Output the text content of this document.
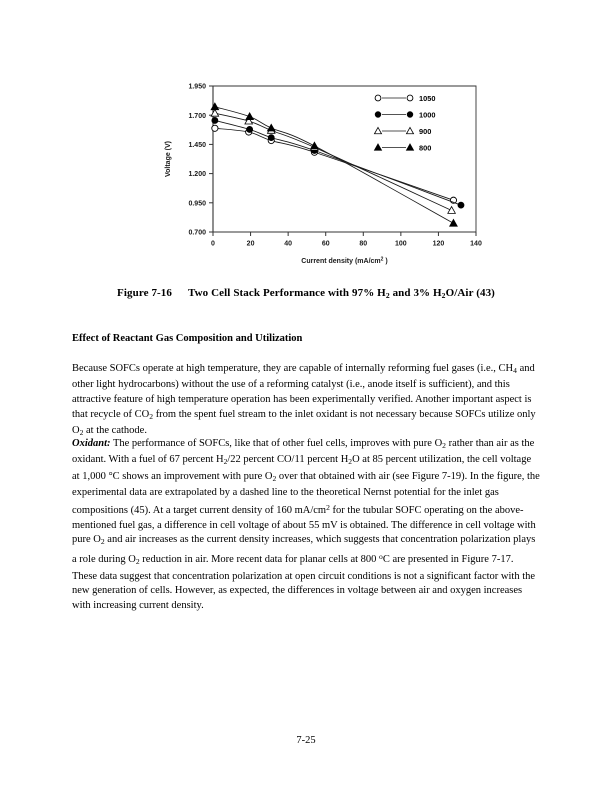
0.700
0.950
1.200
1.450
1.700
1.950
0	20	40	60	80	100	120	140
Current density ($mA/cm^2$ )
Voltage (V)
1050
1000
900
800
Figure 7-16 Two Cell Stack Performance with 97% $H_2$ and 3% $H_2O$/Air (43)
Effect of Reactant Gas Composition and Utilization
Because SOFCs operate at high temperature, they are capable of internally reforming fuel gases (i.e., $CH_4$ and other light hydrocarbons) without the use of a reforming catalyst (i.e., anode itself is sufficient), and this attractive feature of high temperature operation has been experimentally verified. Another important aspect is that recycle of $CO_2$ from the spent fuel stream to the inlet oxidant is not necessary because SOFCs utilize only $O_2$ at the cathode.
Oxidant: The performance of SOFCs, like that of other fuel cells, improves with pure $O_2$ rather than air as the oxidant. With a fuel of 67 percent $H_2/22$ percent CO/11 percent $H_2O$ at 85 percent utilization, the cell voltage at 1,000 °C shows an improvement with pure $O_2$ over that obtained with air (see Figure 7-19). In the figure, the experimental data are extrapolated by a dashed line to the theoretical Nernst potential for the inlet gas compositions (45). At a target current density of 160 $mA/cm^2$ for the tubular SOFC operating on the above-mentioned fuel gas, a difference in cell voltage of about 55 mV is obtained. The difference in cell voltage with pure $O_2$ and air increases as the current density increases, which suggests that concentration polarization plays a role during $O_2$ reduction in air. More recent data for planar cells at 800 $^o$C are presented in Figure 7-17. These data suggest that concentration polarization at open circuit conditions is not a significant factor with the new generation of cells. However, as expected, the differences in voltage between air and oxygen increases with increasing current density.
7-25
